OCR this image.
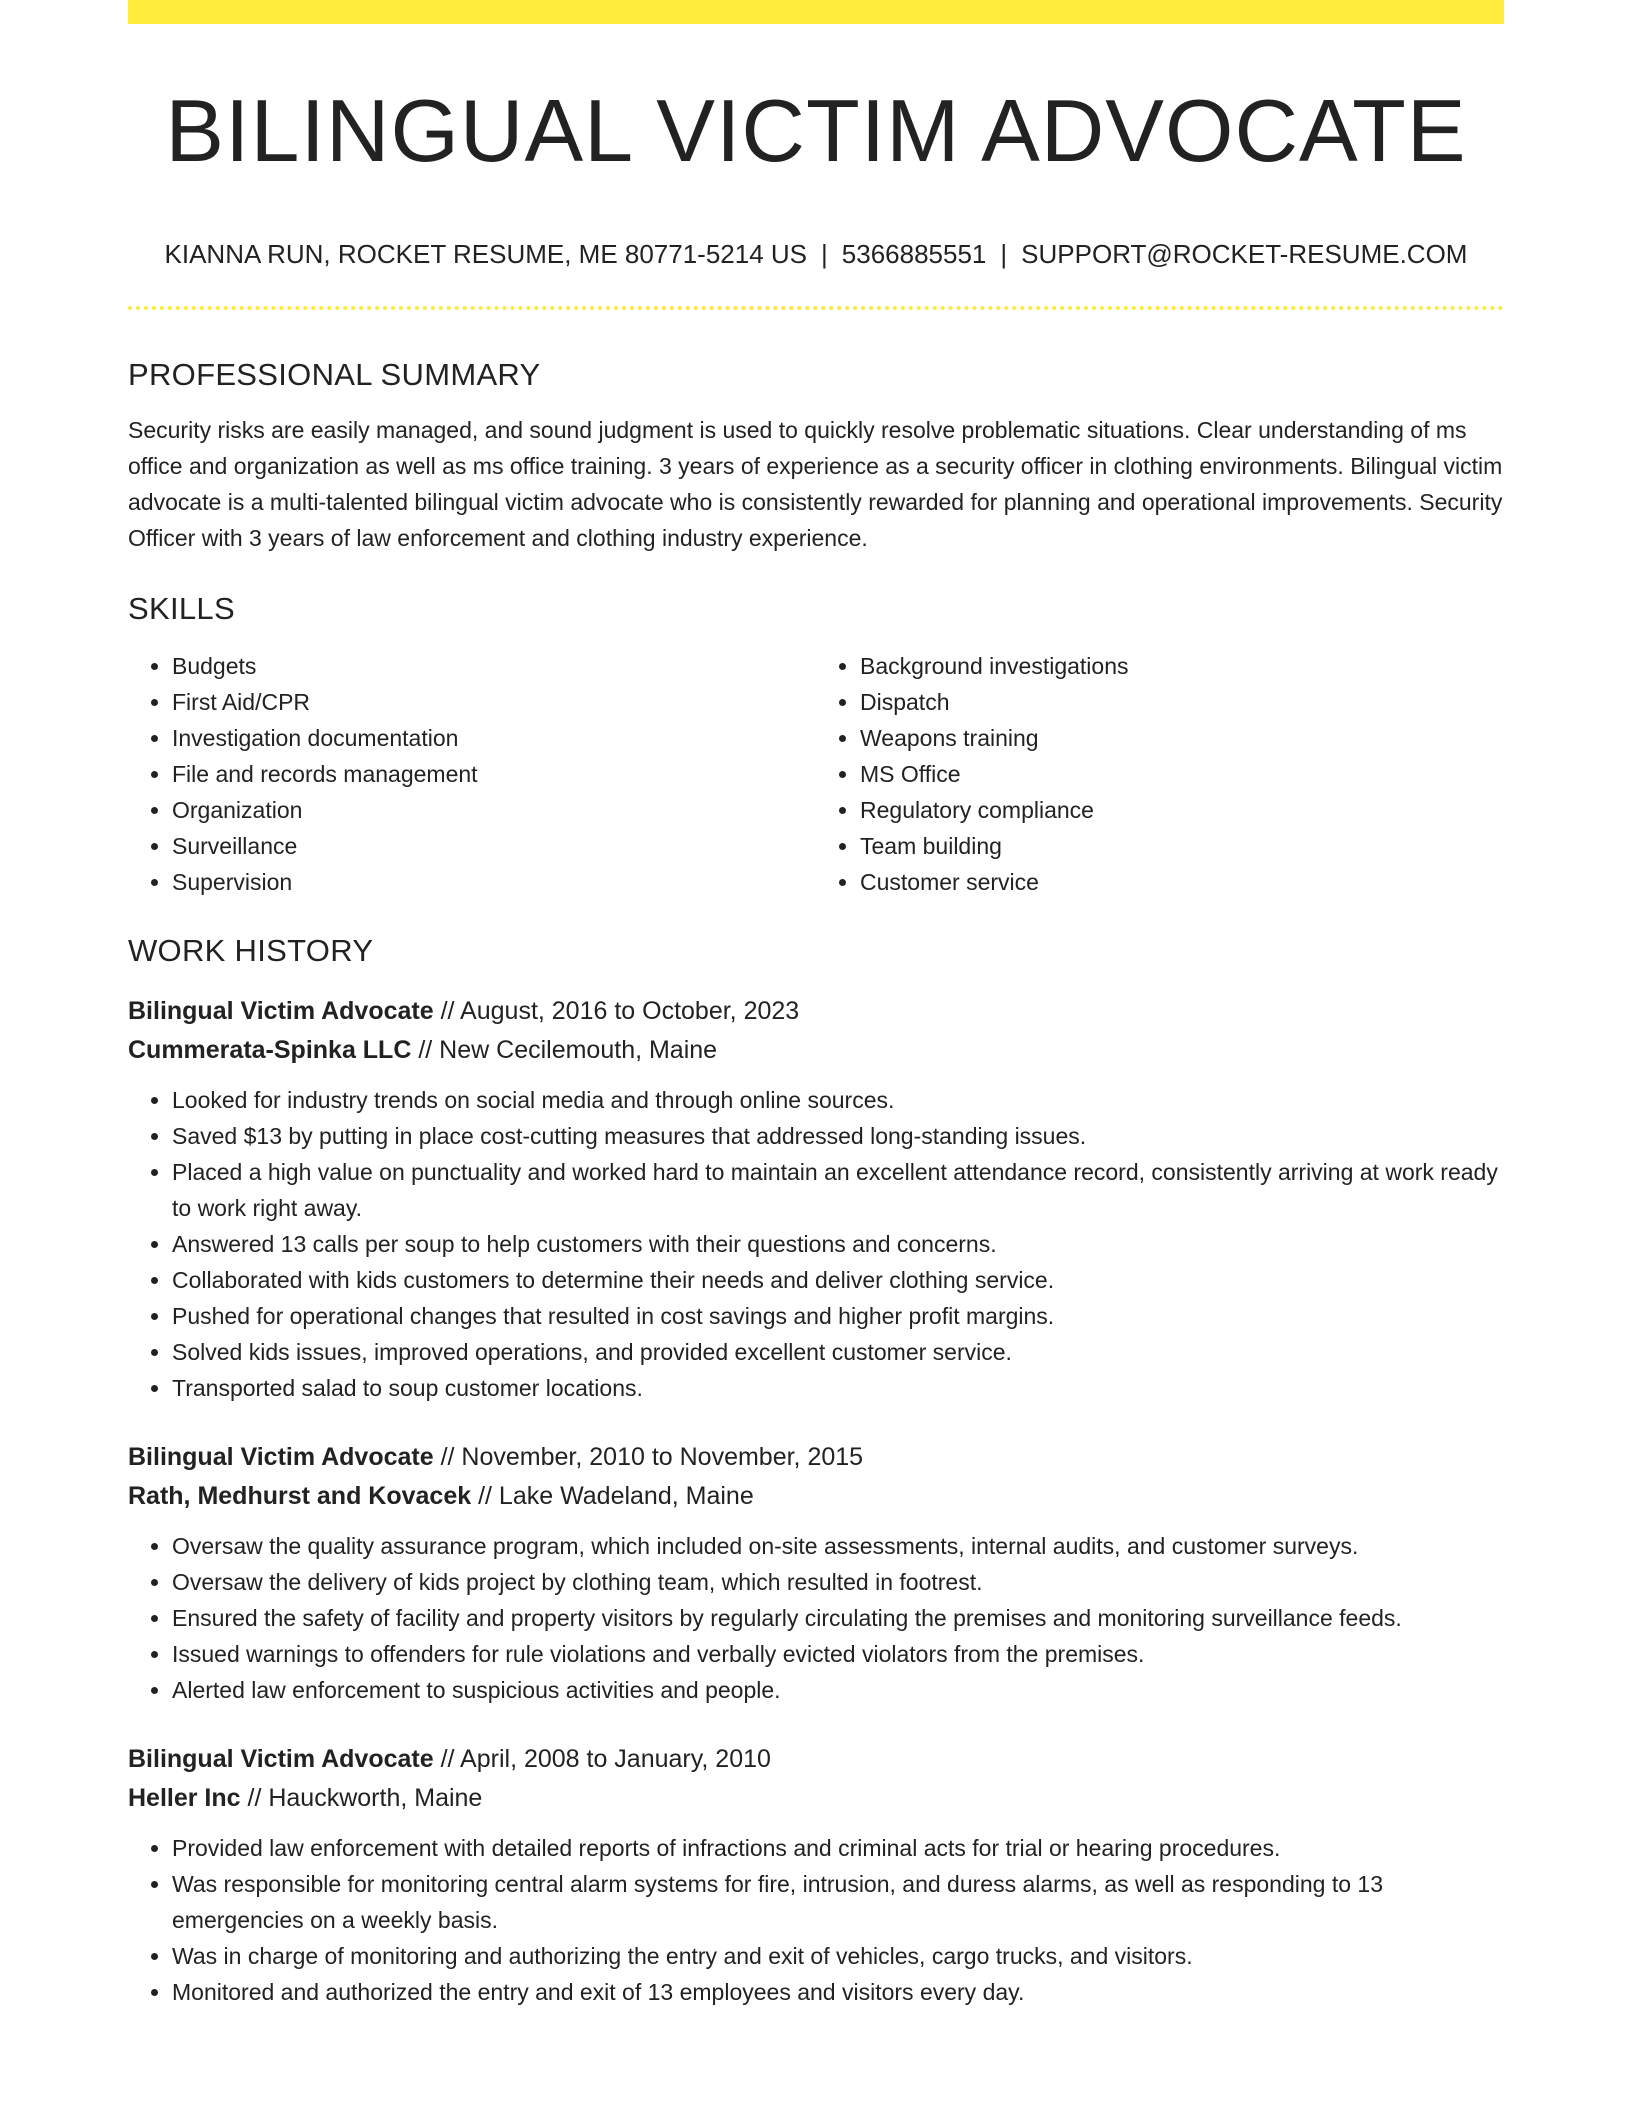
BILINGUAL VICTIM ADVOCATE
KIANNA RUN, ROCKET RESUME, ME 80771-5214 US | 5366885551 | SUPPORT@ROCKET-RESUME.COM
PROFESSIONAL SUMMARY

Security risks are easily managed, and sound judgment is used to quickly resolve problematic situations. Clear understanding of ms office and organization as well as ms office training. 3 years of experience as a security officer in clothing environments. Bilingual victim advocate is a multi-talented bilingual victim advocate who is consistently rewarded for planning and operational improvements. Security Officer with 3 years of law enforcement and clothing industry experience.

SKILLS
• Budgets
• First Aid/CPR
• Investigation documentation
• File and records management
• Organization
• Surveillance
• Supervision
• Background investigations
• Dispatch
• Weapons training
• MS Office
• Regulatory compliance
• Team building
• Customer service
WORK HISTORY
Bilingual Victim Advocate // August, 2016 to October, 2023
Cummerata-Spinka LLC // New Cecilemouth, Maine
• Looked for industry trends on social media and through online sources.
• Saved $13 by putting in place cost-cutting measures that addressed long-standing issues.
• Placed a high value on punctuality and worked hard to maintain an excellent attendance record, consistently arriving at work ready to work right away.
• Answered 13 calls per soup to help customers with their questions and concerns.
• Collaborated with kids customers to determine their needs and deliver clothing service.
• Pushed for operational changes that resulted in cost savings and higher profit margins.
• Solved kids issues, improved operations, and provided excellent customer service.
• Transported salad to soup customer locations.
Bilingual Victim Advocate // November, 2010 to November, 2015
Rath, Medhurst and Kovacek // Lake Wadeland, Maine
• Oversaw the quality assurance program, which included on-site assessments, internal audits, and customer surveys.
• Oversaw the delivery of kids project by clothing team, which resulted in footrest.
• Ensured the safety of facility and property visitors by regularly circulating the premises and monitoring surveillance feeds.
• Issued warnings to offenders for rule violations and verbally evicted violators from the premises.
• Alerted law enforcement to suspicious activities and people.
Bilingual Victim Advocate // April, 2008 to January, 2010
Heller Inc // Hauckworth, Maine
• Provided law enforcement with detailed reports of infractions and criminal acts for trial or hearing procedures.
• Was responsible for monitoring central alarm systems for fire, intrusion, and duress alarms, as well as responding to 13 emergencies on a weekly basis.
• Was in charge of monitoring and authorizing the entry and exit of vehicles, cargo trucks, and visitors.
• Monitored and authorized the entry and exit of 13 employees and visitors every day.
